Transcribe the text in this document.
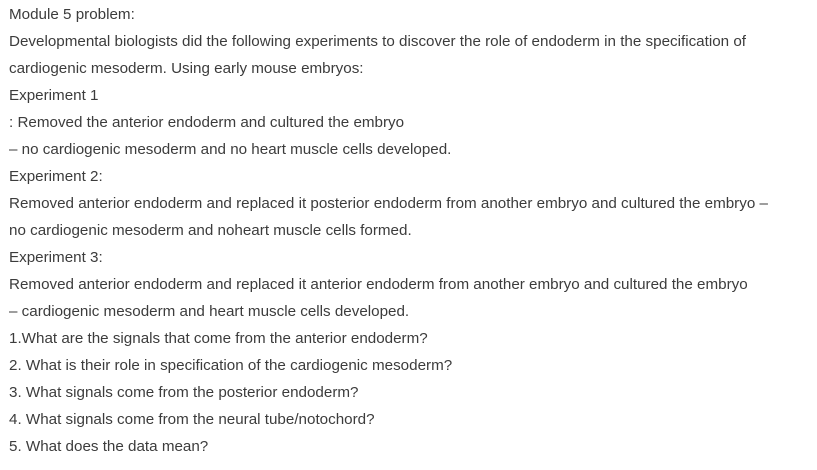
Module 5 problem:
Developmental biologists did the following experiments to discover the role of endoderm in the specification of
cardiogenic mesoderm. Using early mouse embryos:
Experiment 1
: Removed the anterior endoderm and cultured the embryo
– no cardiogenic mesoderm and no heart muscle cells developed.
Experiment 2:
Removed anterior endoderm and replaced it posterior endoderm from another embryo and cultured the embryo –
no cardiogenic mesoderm and noheart muscle cells formed.
Experiment 3:
Removed anterior endoderm and replaced it anterior endoderm from another embryo and cultured the embryo
– cardiogenic mesoderm and heart muscle cells developed.
1.What are the signals that come from the anterior endoderm?
2. What is their role in specification of the cardiogenic mesoderm?
3. What signals come from the posterior endoderm?
4. What signals come from the neural tube/notochord?
5. What does the data mean?
